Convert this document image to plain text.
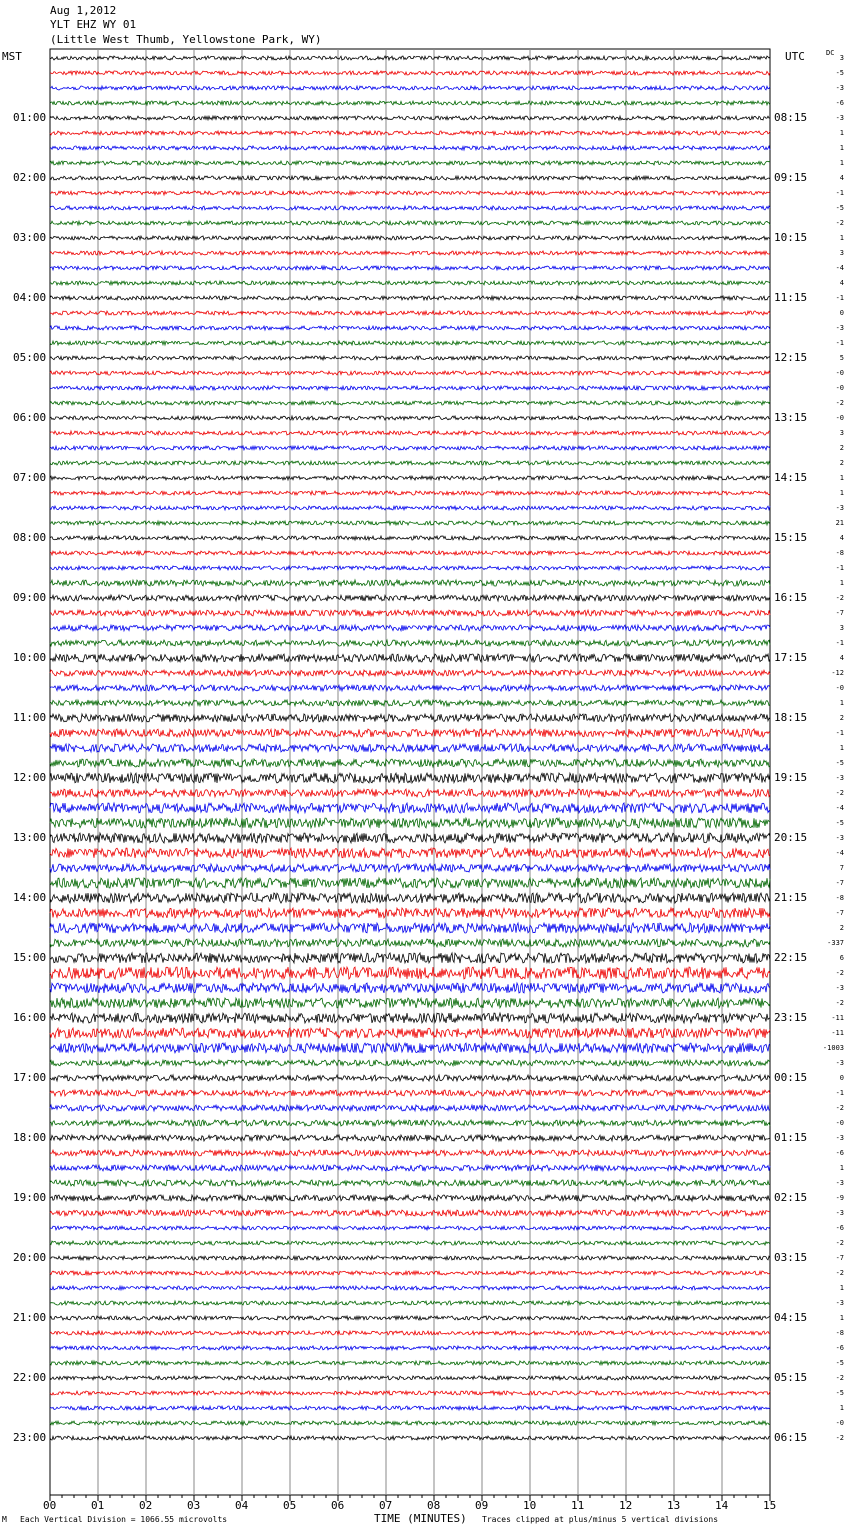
Aug 1,2012
YLT EHZ WY 01
(Little West Thumb, Yellowstone Park, WY)
MST	UTC	DC
00	01	02	03	04	05	06	07	08	09	10	11	12	13	14	15
01:00	08:15
02:00	09:15
03:00	10:15
04:00	11:15
05:00	12:15
06:00	13:15
07:00	14:15
08:00	15:15
09:00	16:15
10:00	17:15
11:00	18:15
12:00	19:15
13:00	20:15
14:00	21:15
15:00	22:15
16:00	23:15
17:00	00:15
18:00	01:15
19:00	02:15
20:00	03:15
21:00	04:15
22:00	05:15
23:00	06:15
3
-5
-3
-6
-3
1
1
1
4
-1
-5
-2
1
3
-4
4
-1
0
-3
-1
5
-0
-0
-2
-0
3
2
2
1
1
-3
21
4
-8
-1
1
-2
-7
3
-1
4
-12
-0
1
2
-1
1
-5
-3
-2
-4
-5
-3
-4
7
-7
-8
-7
2
-337
6
-2
-3
-2
-11
-11
-1003
-3
0
-1
-2
-0
-3
-6
1
-3
-9
-3
-6
-2
-7
-2
1
-3
1
-8
-6
-5
-2
-5
1
-0
-2
M Each Vertical Division = 1066.55 microvolts	Traces clipped at plus/minus 5 vertical divisions
TIME (MINUTES)
